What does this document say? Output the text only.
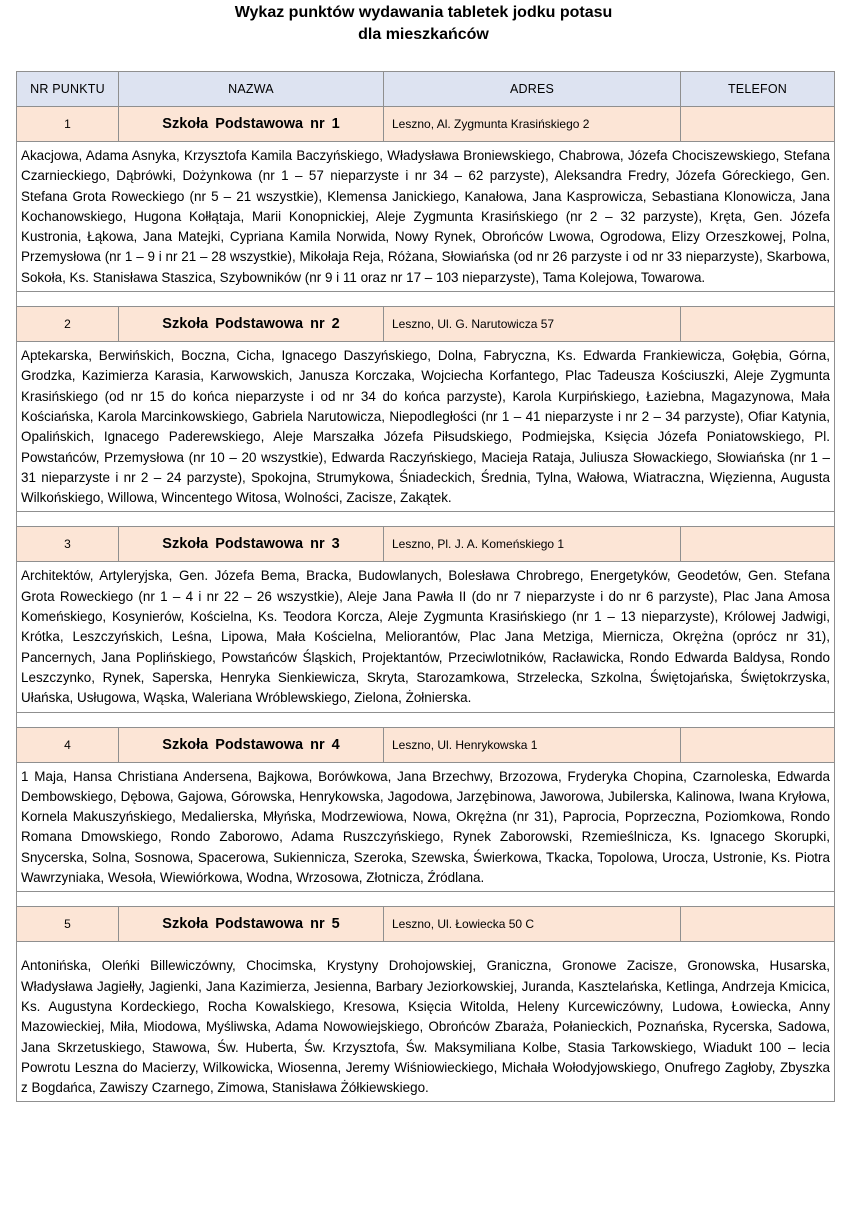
Wykaz punktów wydawania tabletek jodku potasu
dla mieszkańców
NR PUNKTU	NAZWA	ADRES	TELEFON
1	Szkoła Podstawowa nr 1	Leszno, Al. Zygmunta Krasińskiego 2	
Akacjowa, Adama Asnyka, Krzysztofa Kamila Baczyńskiego, Władysława Broniewskiego, Chabrowa, Józefa Chociszewskiego, Stefana Czarnieckiego, Dąbrówki, Dożynkowa (nr 1 – 57 nieparzyste i nr 34 – 62 parzyste), Aleksandra Fredry, Józefa Góreckiego, Gen. Stefana Grota Roweckiego (nr 5 – 21 wszystkie), Klemensa Janickiego, Kanałowa, Jana Kasprowicza, Sebastiana Klonowicza, Jana Kochanowskiego, Hugona Kołłątaja, Marii Konopnickiej, Aleje Zygmunta Krasińskiego (nr 2 – 32 parzyste), Kręta, Gen. Józefa Kustronia, Łąkowa, Jana Matejki, Cypriana Kamila Norwida, Nowy Rynek, Obrońców Lwowa, Ogrodowa, Elizy Orzeszkowej, Polna, Przemysłowa (nr 1 – 9 i nr 21 – 28 wszystkie), Mikołaja Reja, Różana, Słowiańska (od nr 26 parzyste i od nr 33 nieparzyste), Skarbowa, Sokoła, Ks. Stanisława Staszica, Szybowników (nr 9 i 11 oraz nr 17 – 103 nieparzyste), Tama Kolejowa, Towarowa.			

2	Szkoła Podstawowa nr 2	Leszno, Ul. G. Narutowicza 57	
Aptekarska, Berwińskich, Boczna, Cicha, Ignacego Daszyńskiego, Dolna, Fabryczna, Ks. Edwarda Frankiewicza, Gołębia, Górna, Grodzka, Kazimierza Karasia, Karwowskich, Janusza Korczaka, Wojciecha Korfantego, Plac Tadeusza Kościuszki, Aleje Zygmunta Krasińskiego (od nr 15 do końca nieparzyste i od nr 34 do końca parzyste), Karola Kurpińskiego, Łaziebna, Magazynowa, Mała Kościańska, Karola Marcinkowskiego, Gabriela Narutowicza, Niepodległości (nr 1 – 41 nieparzyste i nr 2 – 34 parzyste), Ofiar Katynia, Opalińskich, Ignacego Paderewskiego, Aleje Marszałka Józefa Piłsudskiego, Podmiejska, Księcia Józefa Poniatowskiego, Pl. Powstańców, Przemysłowa (nr 10 – 20 wszystkie), Edwarda Raczyńskiego, Macieja Rataja, Juliusza Słowackiego, Słowiańska (nr 1 – 31 nieparzyste i nr 2 – 24 parzyste), Spokojna, Strumykowa, Śniadeckich, Średnia, Tylna, Wałowa, Wiatraczna, Więzienna, Augusta Wilkońskiego, Willowa, Wincentego Witosa, Wolności, Zacisze, Zakątek.			

3	Szkoła Podstawowa nr 3	Leszno, Pl. J. A. Komeńskiego 1	
Architektów, Artyleryjska, Gen. Józefa Bema, Bracka, Budowlanych, Bolesława Chrobrego, Energetyków, Geodetów, Gen. Stefana Grota Roweckiego (nr 1 – 4 i nr 22 – 26 wszystkie), Aleje Jana Pawła II (do nr 7 nieparzyste i do nr 6 parzyste), Plac Jana Amosa Komeńskiego, Kosynierów, Kościelna, Ks. Teodora Korcza, Aleje Zygmunta Krasińskiego (nr 1 – 13 nieparzyste), Królowej Jadwigi, Krótka, Leszczyńskich, Leśna, Lipowa, Mała Kościelna, Meliorantów, Plac Jana Metziga, Miernicza, Okrężna (oprócz nr 31), Pancernych, Jana Poplińskiego, Powstańców Śląskich, Projektantów, Przeciwlotników, Racławicka, Rondo Edwarda Baldysa, Rondo Leszczynko, Rynek, Saperska, Henryka Sienkiewicza, Skryta, Starozamkowa, Strzelecka, Szkolna, Świętojańska, Świętokrzyska, Ułańska, Usługowa, Wąska, Waleriana Wróblewskiego, Zielona, Żołnierska.			

4	Szkoła Podstawowa nr 4	Leszno, Ul. Henrykowska 1	
1 Maja, Hansa Christiana Andersena, Bajkowa, Borówkowa, Jana Brzechwy, Brzozowa, Fryderyka Chopina, Czarnoleska, Edwarda Dembowskiego, Dębowa, Gajowa, Górowska, Henrykowska, Jagodowa, Jarzębinowa, Jaworowa, Jubilerska, Kalinowa, Iwana Kryłowa, Kornela Makuszyńskiego, Medalierska, Młyńska, Modrzewiowa, Nowa, Okrężna (nr 31), Paprocia, Poprzeczna, Poziomkowa, Rondo Romana Dmowskiego, Rondo Zaborowo, Adama Ruszczyńskiego, Rynek Zaborowski, Rzemieślnicza, Ks. Ignacego Skorupki, Snycerska, Solna, Sosnowa, Spacerowa, Sukiennicza, Szeroka, Szewska, Świerkowa, Tkacka, Topolowa, Urocza, Ustronie, Ks. Piotra Wawrzyniaka, Wesoła, Wiewiórkowa, Wodna, Wrzosowa, Złotnicza, Źródlana.			

5	Szkoła Podstawowa nr 5	Leszno, Ul. Łowiecka 50 C	
Antonińska, Oleńki Billewiczówny, Chocimska, Krystyny Drohojowskiej, Graniczna, Gronowe Zacisze, Gronowska, Husarska, Władysława Jagiełły, Jagienki, Jana Kazimierza, Jesienna, Barbary Jeziorkowskiej, Juranda, Kasztelańska, Ketlinga, Andrzeja Kmicica, Ks. Augustyna Kordeckiego, Rocha Kowalskiego, Kresowa, Księcia Witolda, Heleny Kurcewiczówny, Ludowa, Łowiecka, Anny Mazowieckiej, Miła, Miodowa, Myśliwska, Adama Nowowiejskiego, Obrońców Zbaraża, Połanieckich, Poznańska, Rycerska, Sadowa, Jana Skrzetuskiego, Stawowa, Św. Huberta, Św. Krzysztofa, Św. Maksymiliana Kolbe, Stasia Tarkowskiego, Wiadukt 100 – lecia Powrotu Leszna do Macierzy, Wilkowicka, Wiosenna, Jeremy Wiśniowieckiego, Michała Wołodyjowskiego, Onufrego Zagłoby, Zbyszka z Bogdańca, Zawiszy Czarnego, Zimowa, Stanisława Żółkiewskiego.			
